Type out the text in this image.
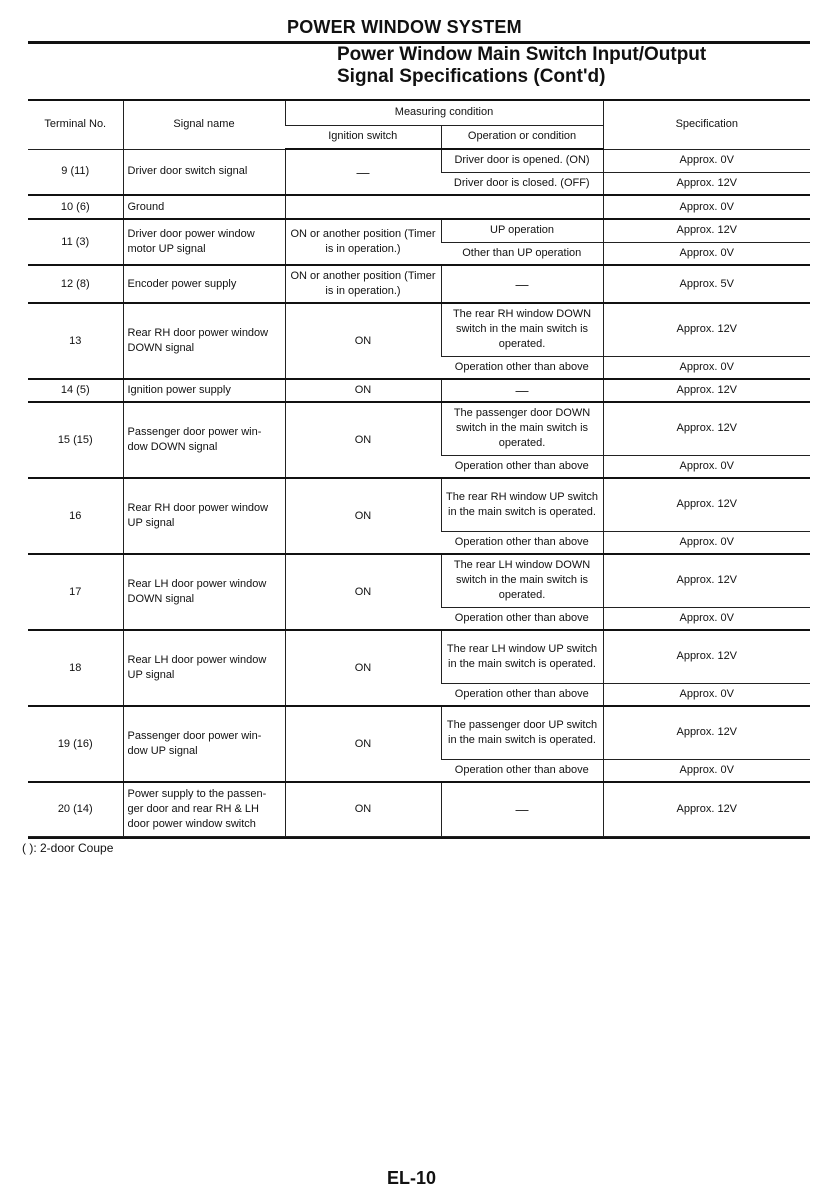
POWER WINDOW SYSTEM
Power Window Main Switch Input/Output
Signal Specifications (Cont'd)
Terminal No.	Signal name	Measuring condition		Specification
		Ignition switch	Operation or condition	
9 (11)	Driver door switch signal	—	Driver door is opened. (ON)	Approx. 0V
			Driver door is closed. (OFF)	Approx. 12V
10 (6)	Ground			Approx. 0V
11 (3)	Driver door power window motor UP signal	ON or another position (Timer is in operation.)	UP operation	Approx. 12V
			Other than UP operation	Approx. 0V
12 (8)	Encoder power supply	ON or another position (Timer is in operation.)	—	Approx. 5V
13	Rear RH door power window DOWN signal	ON	The rear RH window DOWN switch in the main switch is operated.	Approx. 12V
			Operation other than above	Approx. 0V
14 (5)	Ignition power supply	ON	—	Approx. 12V
15 (15)	Passenger door power win-dow DOWN signal	ON	The passenger door DOWN switch in the main switch is operated.	Approx. 12V
			Operation other than above	Approx. 0V
16	Rear RH door power window UP signal	ON	The rear RH window UP switch in the main switch is operated.	Approx. 12V
			Operation other than above	Approx. 0V
17	Rear LH door power window DOWN signal	ON	The rear LH window DOWN switch in the main switch is operated.	Approx. 12V
			Operation other than above	Approx. 0V
18	Rear LH door power window UP signal	ON	The rear LH window UP switch in the main switch is operated.	Approx. 12V
			Operation other than above	Approx. 0V
19 (16)	Passenger door power win-dow UP signal	ON	The passenger door UP switch in the main switch is operated.	Approx. 12V
			Operation other than above	Approx. 0V
20 (14)	Power supply to the passen-ger door and rear RH & LH door power window switch	ON	—	Approx. 12V
( ): 2-door Coupe
EL-10
